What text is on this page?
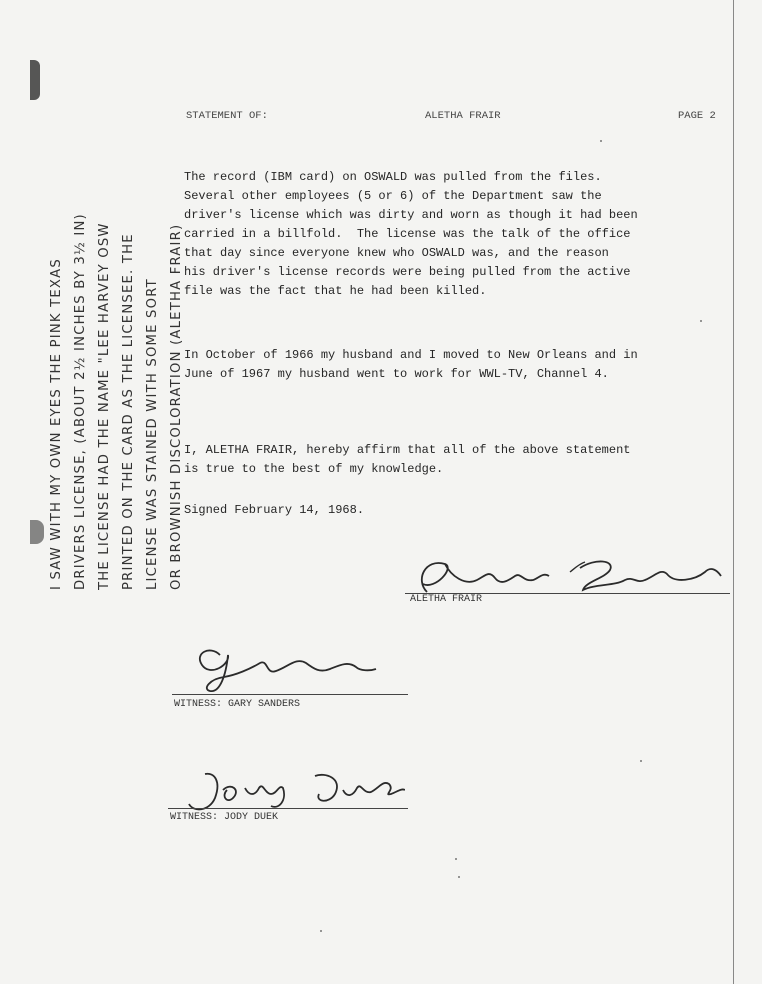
I SAW WITH MY OWN EYES THE PINK TEXAS DRIVERS LICENSE, (ABOUT 2½ INCHES BY 3½ IN) THE LICENSE HAD THE NAME "LEE HARVEY OSW PRINTED ON THE CARD AS THE LICENSEE. THE LICENSE WAS STAINED WITH SOME SORT OR BROWNISH DISCOLORATION (ALETHA FRAIR)
STATEMENT OF:	ALETHA FRAIR	PAGE 2
The record (IBM card) on OSWALD was pulled from the files.
Several other employees (5 or 6) of the Department saw the
driver's license which was dirty and worn as though it had been
carried in a billfold.  The license was the talk of the office
that day since everyone knew who OSWALD was, and the reason
his driver's license records were being pulled from the active
file was the fact that he had been killed.
In October of 1966 my husband and I moved to New Orleans and in
June of 1967 my husband went to work for WWL-TV, Channel 4.
I, ALETHA FRAIR, hereby affirm that all of the above statement
is true to the best of my knowledge.
Signed February 14, 1968.
ALETHA FRAIR
WITNESS: GARY SANDERS
WITNESS: JODY DUEK
